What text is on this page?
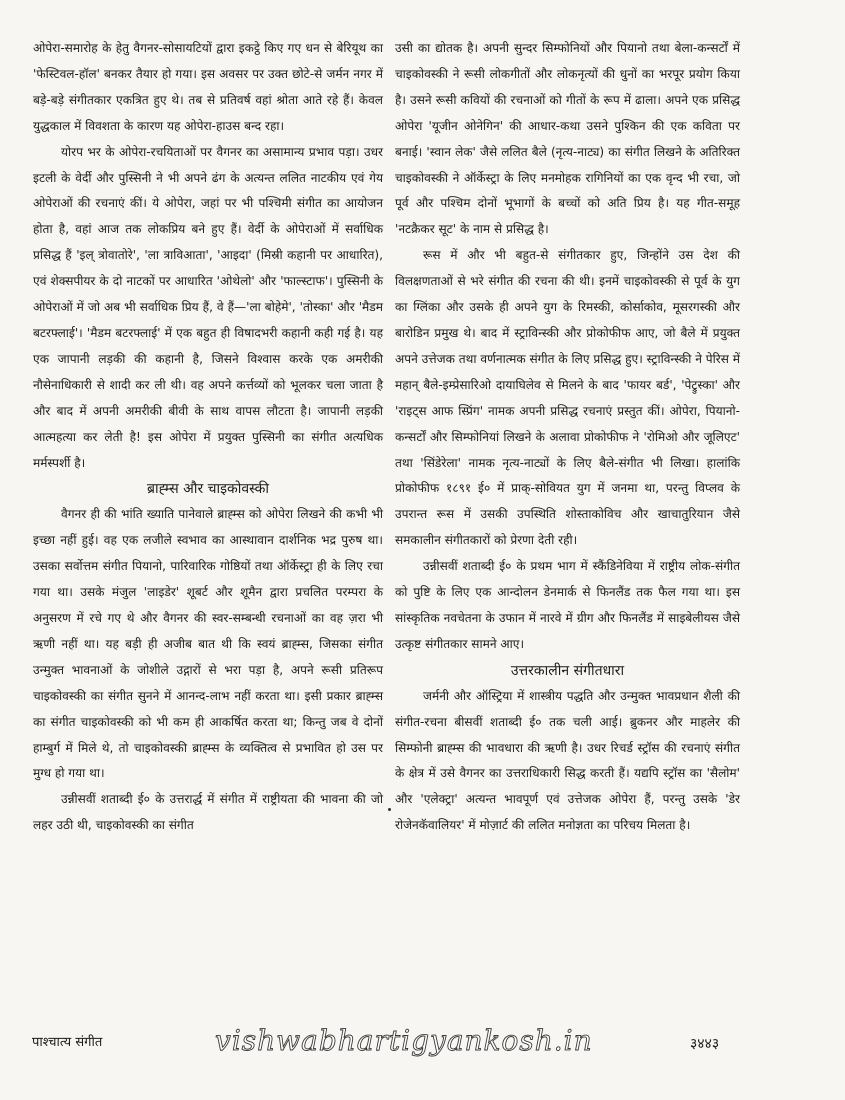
ओपेरा-समारोह के हेतु वैगनर-सोसायटियों द्वारा इकट्ठे किए गए धन से बेरियूथ का 'फेस्टिवल-हॉल' बनकर तैयार हो गया। इस अवसर पर उक्त छोटे-से जर्मन नगर में बड़े-बड़े संगीतकार एकत्रित हुए थे। तब से प्रतिवर्ष वहां श्रोता आते रहे हैं। केवल युद्धकाल में विवशता के कारण यह ओपेरा-हाउस बन्द रहा।

योरप भर के ओपेरा-रचयिताओं पर वैगनर का असामान्य प्रभाव पड़ा। उधर इटली के वेर्दी और पुस्सिनी ने भी अपने ढंग के अत्यन्त ललित नाटकीय एवं गेय ओपेराओं की रचनाएं कीं। ये ओपेरा, जहां पर भी पश्चिमी संगीत का आयोजन होता है, वहां आज तक लोकप्रिय बने हुए हैं। वेर्दी के ओपेराओं में सर्वाधिक प्रसिद्ध हैं 'इल् त्रोवातोरे', 'ला त्राविआता', 'आइदा' (मिस्री कहानी पर आधारित), एवं शेक्सपीयर के दो नाटकों पर आधारित 'ओथेलो' और 'फाल्स्टाफ'। पुस्सिनी के ओपेराओं में जो अब भी सर्वाधिक प्रिय हैं, वे हैं—'ला बोहेमे', 'तोस्का' और 'मैडम बटरफ्लाई'। 'मैडम बटरफ्लाई' में एक बहुत ही विषादभरी कहानी कही गई है। यह एक जापानी लड़की की कहानी है, जिसने विश्वास करके एक अमरीकी नौसेनाधिकारी से शादी कर ली थी। वह अपने कर्त्तव्यों को भूलकर चला जाता है और बाद में अपनी अमरीकी बीवी के साथ वापस लौटता है। जापानी लड़की आत्महत्या कर लेती है! इस ओपेरा में प्रयुक्त पुस्सिनी का संगीत अत्यधिक मर्मस्पर्शी है।

ब्राह्म्स और चाइकोवस्की

वैगनर ही की भांति ख्याति पानेवाले ब्राह्म्स को ओपेरा लिखने की कभी भी इच्छा नहीं हुई। वह एक लजीले स्वभाव का आस्थावान दार्शनिक भद्र पुरुष था। उसका सर्वोत्तम संगीत पियानो, पारिवारिक गोष्ठियों तथा ऑर्केस्ट्रा ही के लिए रचा गया था। उसके मंजुल 'लाइडेर' शूबर्ट और शूमैन द्वारा प्रचलित परम्परा के अनुसरण में रचे गए थे और वैगनर की स्वर-सम्बन्धी रचनाओं का वह ज़रा भी ऋणी नहीं था। यह बड़ी ही अजीब बात थी कि स्वयं ब्राह्म्स, जिसका संगीत उन्मुक्त भावनाओं के जोशीले उद्गारों से भरा पड़ा है, अपने रूसी प्रतिरूप चाइकोवस्की का संगीत सुनने में आनन्द-लाभ नहीं करता था। इसी प्रकार ब्राह्म्स का संगीत चाइकोवस्की को भी कम ही आकर्षित करता था; किन्तु जब वे दोनों हाम्बुर्ग में मिले थे, तो चाइकोवस्की ब्राह्म्स के व्यक्तित्व से प्रभावित हो उस पर मुग्ध हो गया था।

उन्नीसवीं शताब्दी ई० के उत्तरार्द्ध में संगीत में राष्ट्रीयता की भावना की जो लहर उठी थी, चाइकोवस्की का संगीत

उसी का द्योतक है। अपनी सुन्दर सिम्फोनियों और पियानो तथा बेला-कन्सर्टों में चाइकोवस्की ने रूसी लोकगीतों और लोकनृत्यों की धुनों का भरपूर प्रयोग किया है। उसने रूसी कवियों की रचनाओं को गीतों के रूप में ढाला। अपने एक प्रसिद्ध ओपेरा 'यूजीन ओनेगिन' की आधार-कथा उसने पुश्किन की एक कविता पर बनाई। 'स्वान लेक' जैसे ललित बैले (नृत्य-नाट्य) का संगीत लिखने के अतिरिक्त चाइकोवस्की ने ऑर्केस्ट्रा के लिए मनमोहक रागिनियों का एक वृन्द भी रचा, जो पूर्व और पश्चिम दोनों भूभागों के बच्चों को अति प्रिय है। यह गीत-समूह 'नटक्रैकर सूट' के नाम से प्रसिद्ध है।

रूस में और भी बहुत-से संगीतकार हुए, जिन्होंने उस देश की विलक्षणताओं से भरे संगीत की रचना की थी। इनमें चाइकोवस्की से पूर्व के युग का ग्लिंका और उसके ही अपने युग के रिमस्की, कोर्साकोव, मूसरगस्की और बारोडिन प्रमुख थे। बाद में स्ट्राविन्स्की और प्रोकोफीफ आए, जो बैले में प्रयुक्त अपने उत्तेजक तथा वर्णनात्मक संगीत के लिए प्रसिद्ध हुए। स्ट्राविन्स्की ने पेरिस में महान् बैले-इम्प्रेसारिओ दायाघिलेव से मिलने के बाद 'फायर बर्ड', 'पेट्रुस्का' और 'राइट्स आफ स्प्रिंग' नामक अपनी प्रसिद्ध रचनाएं प्रस्तुत कीं। ओपेरा, पियानो-कन्सर्टों और सिम्फोनियां लिखने के अलावा प्रोकोफीफ ने 'रोमिओ और जूलिएट' तथा 'सिंडेरेला' नामक नृत्य-नाट्यों के लिए बैले-संगीत भी लिखा। हालांकि प्रोकोफीफ १८९१ ई० में प्राक्-सोवियत युग में जनमा था, परन्तु विप्लव के उपरान्त रूस में उसकी उपस्थिति शोस्ताकोविच और खाचातुरियान जैसे समकालीन संगीतकारों को प्रेरणा देती रही।

उन्नीसवीं शताब्दी ई० के प्रथम भाग में स्कैंडिनेविया में राष्ट्रीय लोक-संगीत को पुष्टि के लिए एक आन्दोलन डेनमार्क से फिनलैंड तक फैल गया था। इस सांस्कृतिक नवचेतना के उफान में नारवे में ग्रीग और फिनलैंड में साइबेलीयस जैसे उत्कृष्ट संगीतकार सामने आए।

उत्तरकालीन संगीतधारा

जर्मनी और ऑस्ट्रिया में शास्त्रीय पद्धति और उन्मुक्त भावप्रधान शैली की संगीत-रचना बीसवीं शताब्दी ई० तक चली आई। ब्रुकनर और माहलेर की सिम्फोनी ब्राह्म्स की भावधारा की ऋणी है। उधर रिचर्ड स्ट्रॉस की रचनाएं संगीत के क्षेत्र में उसे वैगनर का उत्तराधिकारी सिद्ध करती हैं। यद्यपि स्ट्रॉस का 'सैलोम' और 'एलेक्ट्रा' अत्यन्त भावपूर्ण एवं उत्तेजक ओपेरा हैं, परन्तु उसके 'डेर रोजेनकॅवालियर' में मोज़ार्ट की ललित मनोज्ञता का परिचय मिलता है।

पाश्चात्य संगीत	vishwabhartigyankosh.in	३४४३
